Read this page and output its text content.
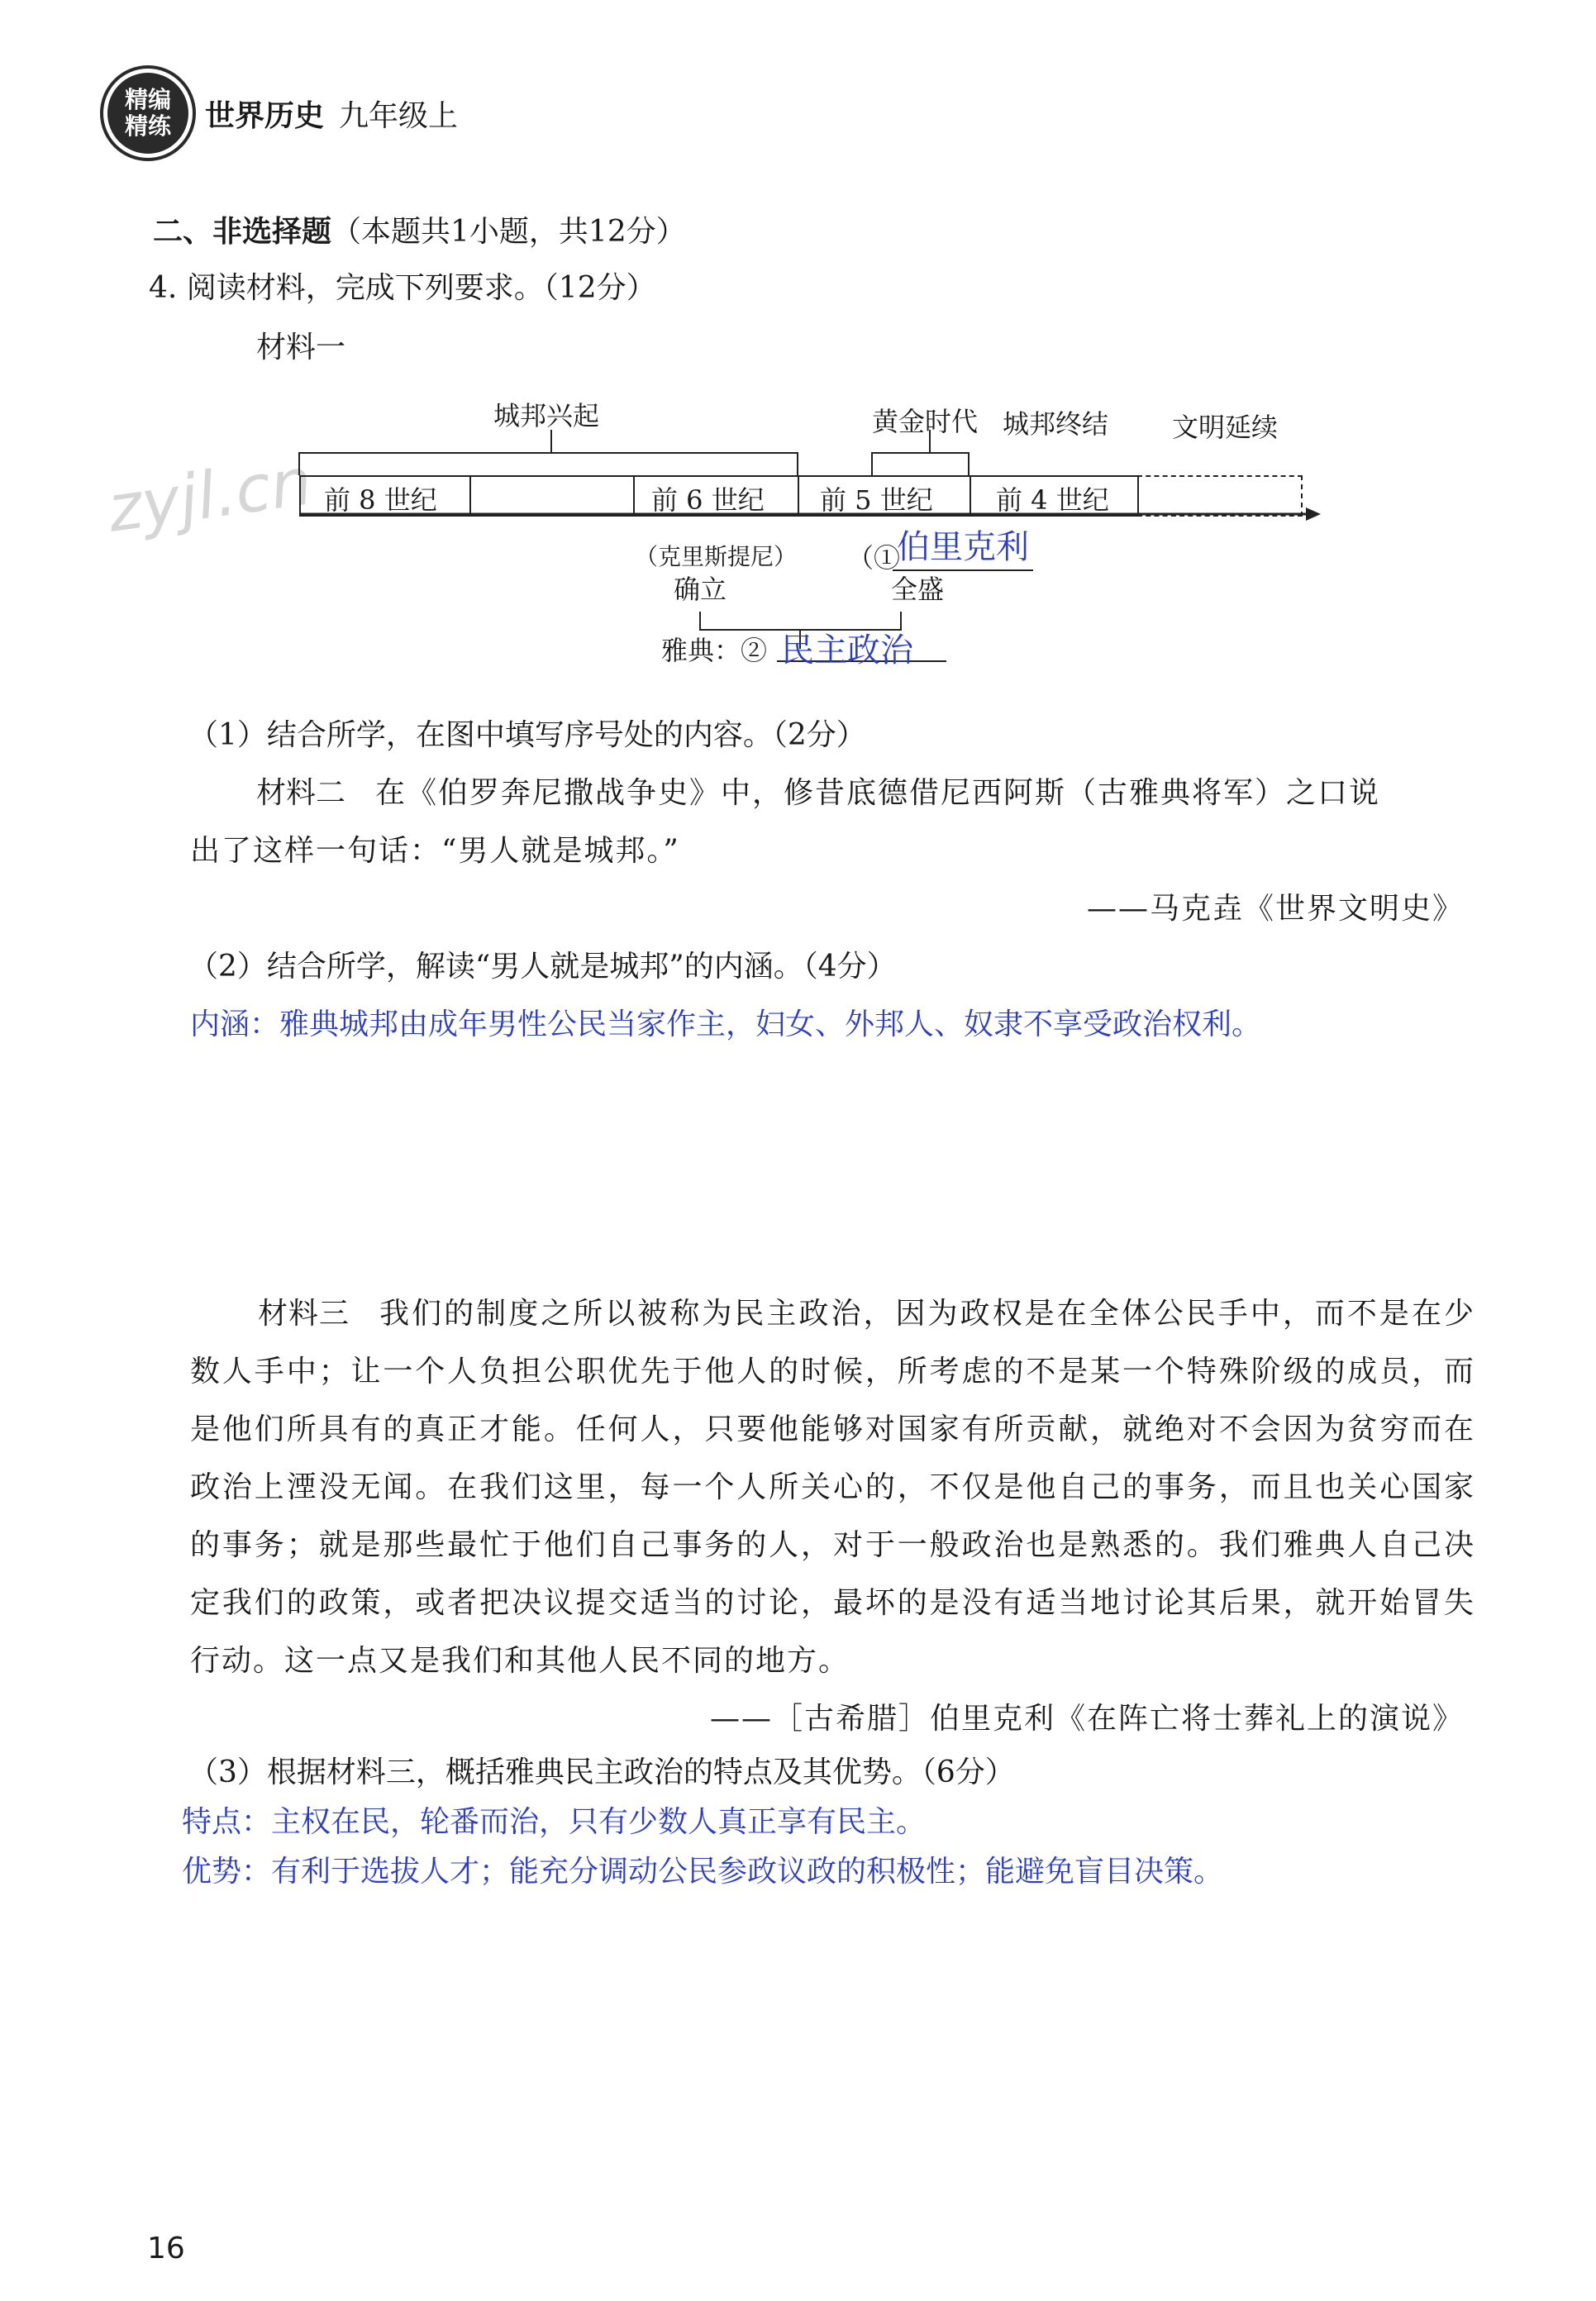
精编
精练 世界历史 九年级上
zyjl.cn
二、非选择题（本题共1小题，共12分）
4. 阅读材料，完成下列要求。（12分）
材料一
城邦兴起	黄金时代 城邦终结 文明延续
前 8 世纪	前 6 世纪 前 5 世纪 前 4 世纪
（克里斯提尼）
确立
（①
伯里克利
全盛
雅典：② 民主政治
（1）结合所学，在图中填写序号处的内容。（2分）
材料二 在《伯罗奔尼撒战争史》中，修昔底德借尼西阿斯（古雅典将军）之口说
出了这样一句话：“男人就是城邦。”
——马克垚《世界文明史》
（2）结合所学，解读“男人就是城邦”的内涵。（4分）
内涵：雅典城邦由成年男性公民当家作主，妇女、外邦人、奴隶不享受政治权利。
材料三 我们的制度之所以被称为民主政治，因为政权是在全体公民手中，而不是在少数人手中；让一个人负担公职优先于他人的时候，所考虑的不是某一个特殊阶级的成员，而是他们所具有的真正才能。任何人，只要他能够对国家有所贡献，就绝对不会因为贫穷而在政治上湮没无闻。在我们这里，每一个人所关心的，不仅是他自己的事务，而且也关心国家的事务；就是那些最忙于他们自己事务的人，对于一般政治也是熟悉的。我们雅典人自己决定我们的政策，或者把决议提交适当的讨论，最坏的是没有适当地讨论其后果，就开始冒失行动。这一点又是我们和其他人民不同的地方。
——［古希腊］伯里克利《在阵亡将士葬礼上的演说》
（3）根据材料三，概括雅典民主政治的特点及其优势。（6分）
特点：主权在民，轮番而治，只有少数人真正享有民主。
优势：有利于选拔人才；能充分调动公民参政议政的积极性；能避免盲目决策。
16
